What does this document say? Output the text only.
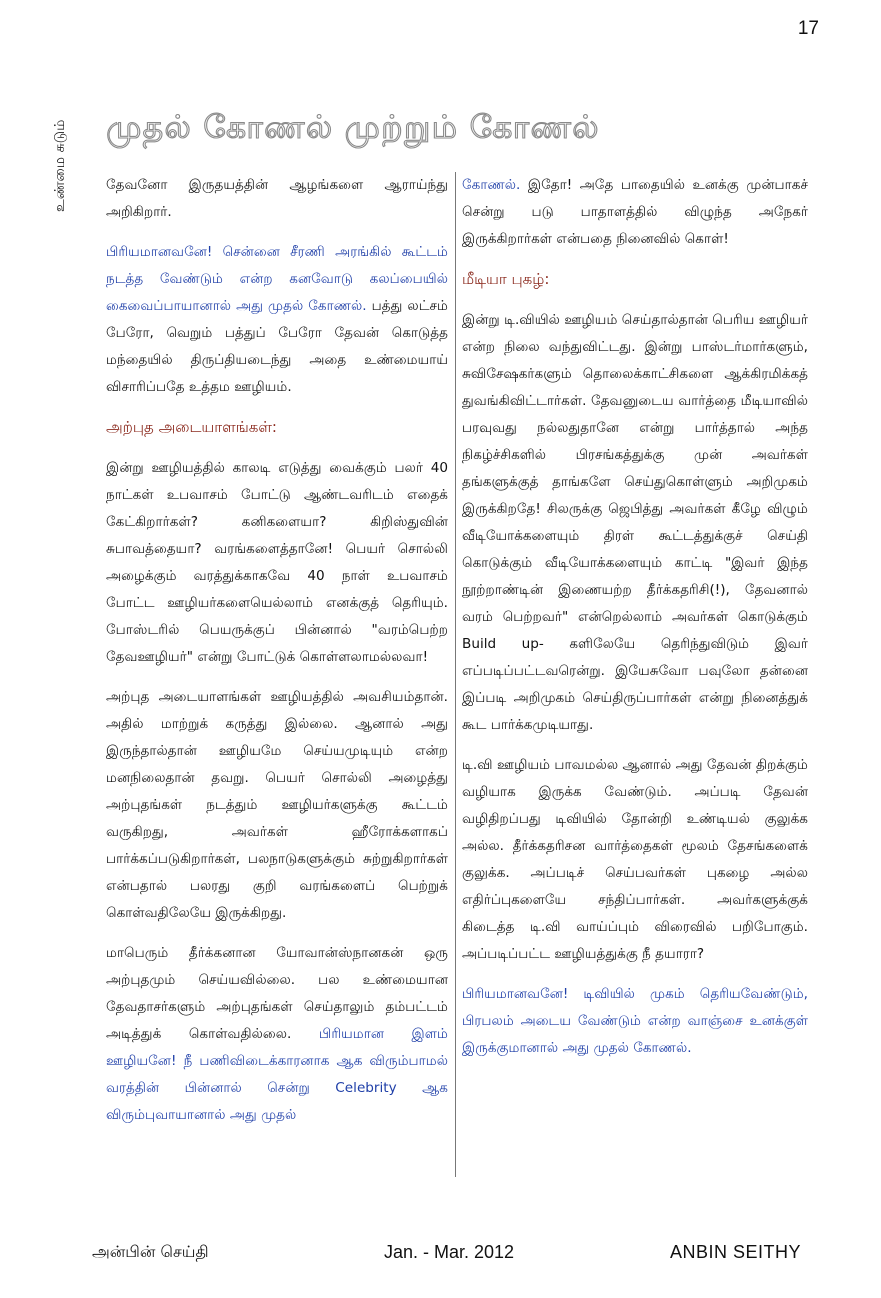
17
உண்மை சுடும்	முதல் கோணல் முற்றும் கோணல்

தேவனோ இருதயத்தின் ஆழங்களை ஆராய்ந்து அறிகிறார்.

பிரியமானவனே! சென்னை சீரணி அரங்கில் கூட்டம் நடத்த வேண்டும் என்ற கனவோடு கலப்பையில் கைவைப்பாயானால் அது முதல் கோணல். பத்து லட்சம் பேரோ, வெறும் பத்துப் பேரோ தேவன் கொடுத்த மந்தையில் திருப்தியடைந்து அதை உண்மையாய் விசாரிப்பதே உத்தம ஊழியம்.

அற்புத அடையாளங்கள்:

இன்று ஊழியத்தில் காலடி எடுத்து வைக்கும் பலர் 40 நாட்கள் உபவாசம் போட்டு ஆண்டவரிடம் எதைக் கேட்கிறார்கள்? கனிகளையா? கிறிஸ்துவின் சுபாவத்தையா? வரங்களைத்தானே! பெயர் சொல்லி அழைக்கும் வரத்துக்காகவே 40 நாள் உபவாசம் போட்ட ஊழியர்களையெல்லாம் எனக்குத் தெரியும். போஸ்டரில் பெயருக்குப் பின்னால் "வரம்பெற்ற தேவஊழியர்" என்று போட்டுக் கொள்ளலாமல்லவா!

அற்புத அடையாளங்கள் ஊழியத்தில் அவசியம்தான். அதில் மாற்றுக் கருத்து இல்லை. ஆனால் அது இருந்தால்தான் ஊழியமே செய்யமுடியும் என்ற மனநிலைதான் தவறு. பெயர் சொல்லி அழைத்து அற்புதங்கள் நடத்தும் ஊழியர்களுக்கு கூட்டம் வருகிறது, அவர்கள் ஹீரோக்களாகப் பார்க்கப்படுகிறார்கள், பலநாடுகளுக்கும் சுற்றுகிறார்கள் என்பதால் பலரது குறி வரங்களைப் பெற்றுக் கொள்வதிலேயே இருக்கிறது.

மாபெரும் தீர்க்கனான யோவான்ஸ்நானகன் ஒரு அற்புதமும் செய்யவில்லை. பல உண்மையான தேவதாசர்களும் அற்புதங்கள் செய்தாலும் தம்பட்டம் அடித்துக் கொள்வதில்லை. பிரியமான இளம் ஊழியனே! நீ பணிவிடைக்காரனாக ஆக விரும்பாமல் வரத்தின் பின்னால் சென்று Celebrity ஆக விரும்புவாயானால் அது முதல்

கோணல். இதோ! அதே பாதையில் உனக்கு முன்பாகச் சென்று படு பாதாளத்தில் விழுந்த அநேகர் இருக்கிறார்கள் என்பதை நினைவில் கொள்!

மீடியா புகழ்:

இன்று டி.வியில் ஊழியம் செய்தால்தான் பெரிய ஊழியர் என்ற நிலை வந்துவிட்டது. இன்று பாஸ்டர்மார்களும், சுவிசேஷகர்களும் தொலைக்காட்சிகளை ஆக்கிரமிக்கத் துவங்கிவிட்டார்கள். தேவனுடைய வார்த்தை மீடியாவில் பரவுவது நல்லதுதானே என்று பார்த்தால் அந்த நிகழ்ச்சிகளில் பிரசங்கத்துக்கு முன் அவர்கள் தங்களுக்குத் தாங்களே செய்துகொள்ளும் அறிமுகம் இருக்கிறதே! சிலருக்கு ஜெபித்து அவர்கள் கீழே விழும் வீடியோக்களையும் திரள் கூட்டத்துக்குச் செய்தி கொடுக்கும் வீடியோக்களையும் காட்டி "இவர் இந்த நூற்றாண்டின் இணையற்ற தீர்க்கதரிசி(!), தேவனால் வரம் பெற்றவர்" என்றெல்லாம் அவர்கள் கொடுக்கும் Build up- களிலேயே தெரிந்துவிடும் இவர் எப்படிப்பட்டவரென்று. இயேசுவோ பவுலோ தன்னை இப்படி அறிமுகம் செய்திருப்பார்கள் என்று நினைத்துக் கூட பார்க்கமுடியாது.

டி.வி ஊழியம் பாவமல்ல ஆனால் அது தேவன் திறக்கும் வழியாக இருக்க வேண்டும். அப்படி தேவன் வழிதிறப்பது டிவியில் தோன்றி உண்டியல் குலுக்க அல்ல. தீர்க்கதரிசன வார்த்தைகள் மூலம் தேசங்களைக் குலுக்க. அப்படிச் செய்பவர்கள் புகழை அல்ல எதிர்ப்புகளையே சந்திப்பார்கள். அவர்களுக்குக் கிடைத்த டி.வி வாய்ப்பும் விரைவில் பறிபோகும். அப்படிப்பட்ட ஊழியத்துக்கு நீ தயாரா?

பிரியமானவனே! டிவியில் முகம் தெரியவேண்டும், பிரபலம் அடைய வேண்டும் என்ற வாஞ்சை உனக்குள் இருக்குமானால் அது முதல் கோணல்.

அன்பின் செய்தி	Jan. - Mar. 2012	ANBIN SEITHY
